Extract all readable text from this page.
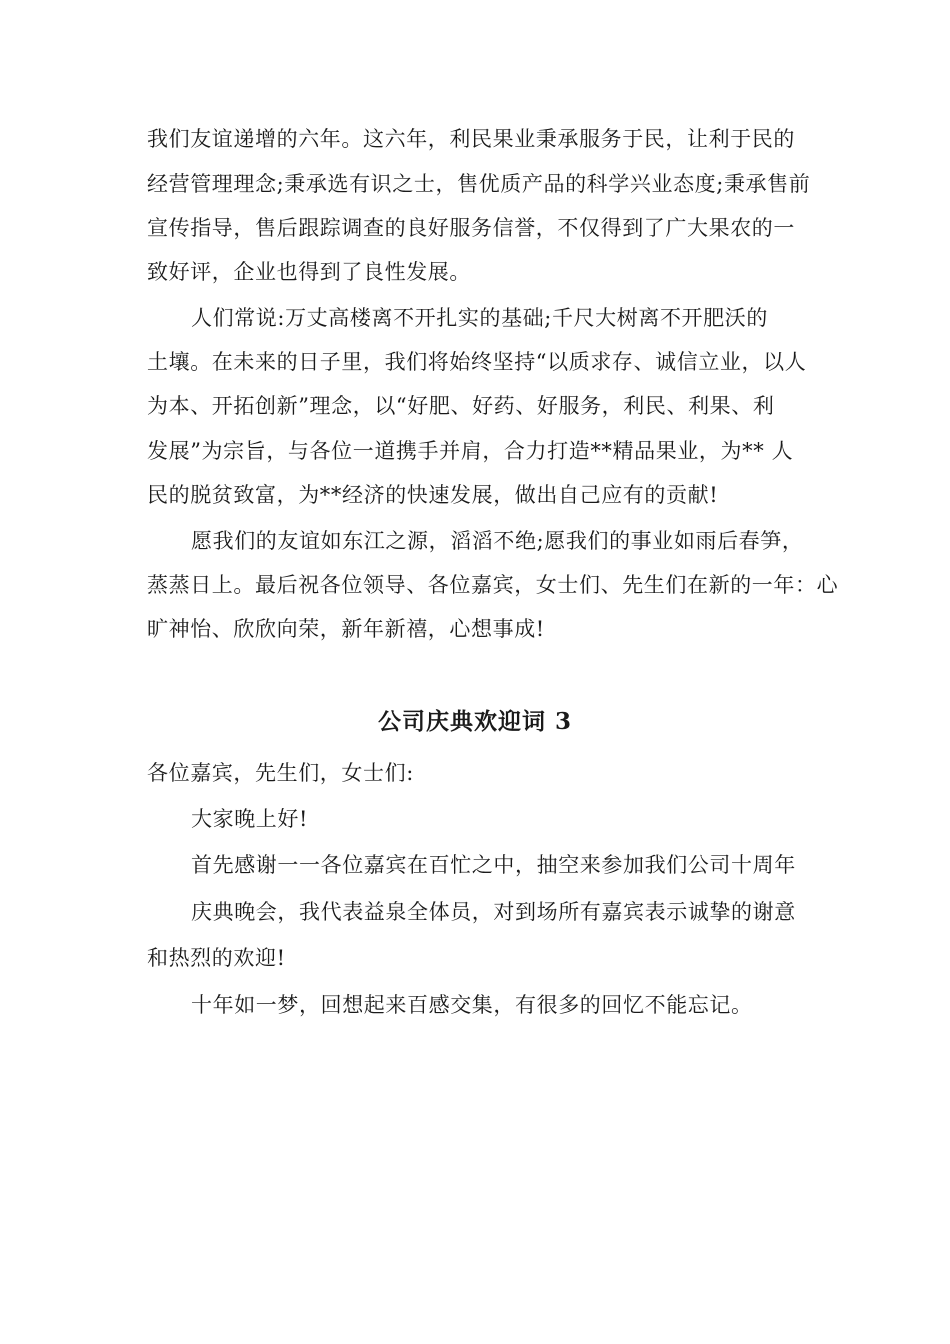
我们友谊递增的六年。这六年，利民果业秉承服务于民，让利于民的
经营管理理念;秉承选有识之士，售优质产品的科学兴业态度;秉承售前
宣传指导，售后跟踪调查的良好服务信誉，不仅得到了广大果农的一
致好评，企业也得到了良性发展。
人们常说:万丈高楼离不开扎实的基础;千尺大树离不开肥沃的
土壤。在未来的日子里，我们将始终坚持“以质求存、诚信立业，以人
为本、开拓创新”理念，以“好肥、好药、好服务，利民、利果、利
发展”为宗旨，与各位一道携手并肩，合力打造**精品果业，为** 人
民的脱贫致富，为**经济的快速发展，做出自己应有的贡献!
愿我们的友谊如东江之源，滔滔不绝;愿我们的事业如雨后春笋，
蒸蒸日上。最后祝各位领导、各位嘉宾，女士们、先生们在新的一年：心
旷神怡、欣欣向荣，新年新禧，心想事成!
公司庆典欢迎词 3
各位嘉宾，先生们，女士们:
大家晚上好!
首先感谢一一各位嘉宾在百忙之中，抽空来参加我们公司十周年
庆典晚会，我代表益泉全体员，对到场所有嘉宾表示诚挚的谢意
和热烈的欢迎!
十年如一梦，回想起来百感交集，有很多的回忆不能忘记。
